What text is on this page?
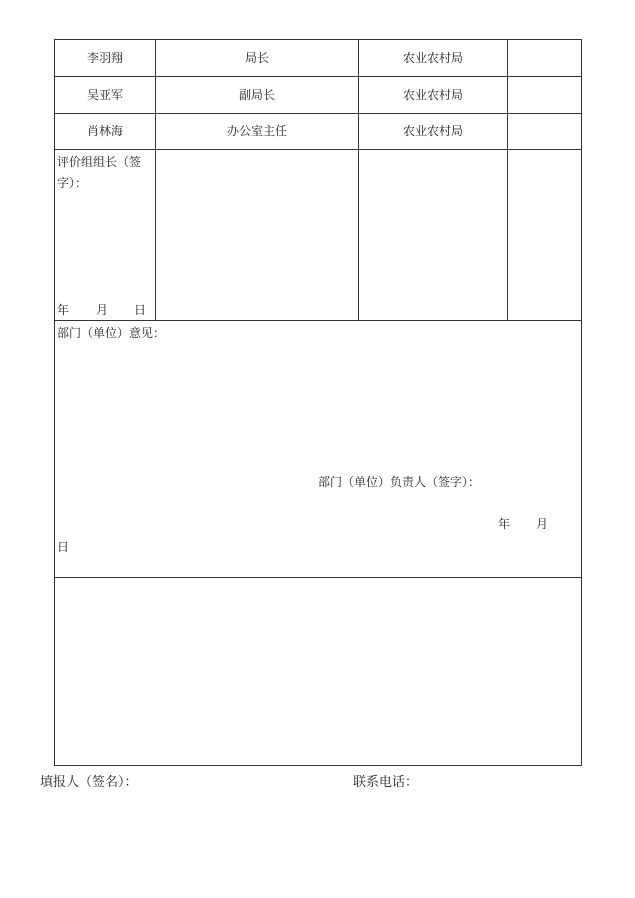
李羽翔	局长	农业农村局
吴亚军	副局长	农业农村局
肖林海	办公室主任	农业农村局
评价组组长（签
字）：
年 月 日
部门（单位）意见：
部门（单位）负责人（签字）：
年 月
日
填报人（签名）：	联系电话：
